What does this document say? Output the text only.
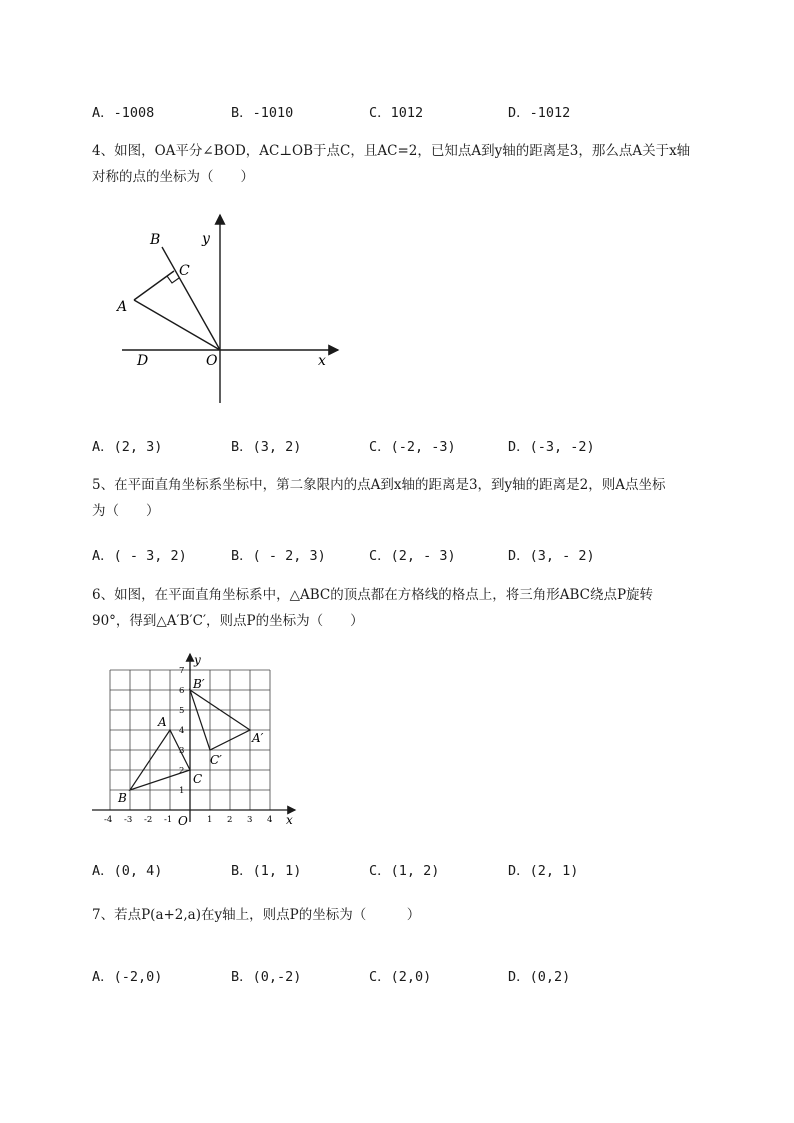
A．-1008	B．-1010	C．1012	D．-1012
4、如图，OA平分∠BOD，AC⊥OB于点C，且AC=2，已知点A到y轴的距离是3，那么点A关于x轴
对称的点的坐标为（　　）
B
C
A
D	O	x
y
A．(2, 3)	B．(3, 2)	C．(-2, -3)	D．(-3, -2)
5、在平面直角坐标系坐标中，第二象限内的点A到x轴的距离是3，到y轴的距离是2，则A点坐标
为（　　）
A．( - 3, 2)	B．( - 2, 3)	C．(2, - 3)	D．(3, - 2)
6、如图，在平面直角坐标系中，△ABC的顶点都在方格线的格点上，将三角形ABC绕点P旋转
90°，得到△A′B′C′，则点P的坐标为（　　）
-4 -3 -2 -1	1 2 3 4
1
2
3
4
5
6
7
A
B
C
A′
B′
C′
O	x
y
A．(0, 4)	B．(1, 1)	C．(1, 2)	D．(2, 1)
7、若点P(a+2,a)在y轴上，则点P的坐标为（　　　）
A．(-2,0)	B．(0,-2)	C．(2,0)	D．(0,2)
